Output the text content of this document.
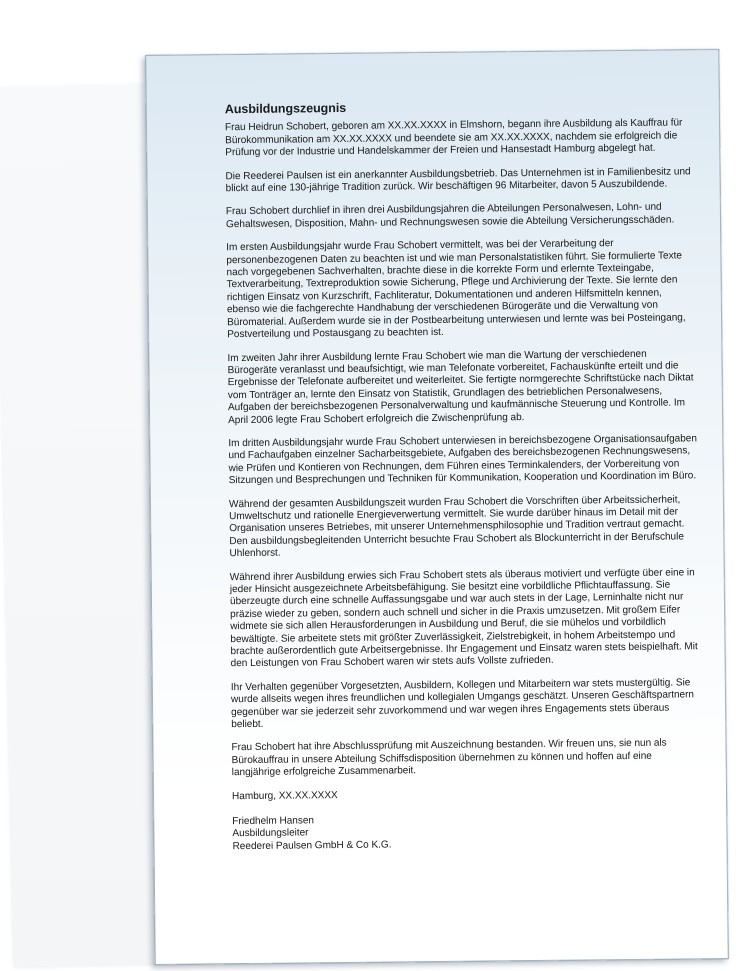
Ausbildungszeugnis

Frau Heidrun Schobert, geboren am XX.XX.XXXX in Elmshorn, begann ihre Ausbildung als Kauffrau für Bürokommunikation am XX.XX.XXXX und beendete sie am XX.XX.XXXX, nachdem sie erfolgreich die Prüfung vor der Industrie und Handelskammer der Freien und Hansestadt Hamburg abgelegt hat.

Die Reederei Paulsen ist ein anerkannter Ausbildungsbetrieb. Das Unternehmen ist in Familienbesitz und blickt auf eine 130-jährige Tradition zurück. Wir beschäftigen 96 Mitarbeiter, davon 5 Auszubildende.

Frau Schobert durchlief in ihren drei Ausbildungsjahren die Abteilungen Personalwesen, Lohn- und Gehaltswesen, Disposition, Mahn- und Rechnungswesen sowie die Abteilung Versicherungsschäden.

Im ersten Ausbildungsjahr wurde Frau Schobert vermittelt, was bei der Verarbeitung der personenbezogenen Daten zu beachten ist und wie man Personalstatistiken führt. Sie formulierte Texte nach vorgegebenen Sachverhalten, brachte diese in die korrekte Form und erlernte Texteingabe, Textverarbeitung, Textreproduktion sowie Sicherung, Pflege und Archivierung der Texte. Sie lernte den richtigen Einsatz von Kurzschrift, Fachliteratur, Dokumentationen und anderen Hilfsmitteln kennen, ebenso wie die fachgerechte Handhabung der verschiedenen Bürogeräte und die Verwaltung von Büromaterial. Außerdem wurde sie in der Postbearbeitung unterwiesen und lernte was bei Posteingang, Postverteilung und Postausgang zu beachten ist.

Im zweiten Jahr ihrer Ausbildung lernte Frau Schobert wie man die Wartung der verschiedenen Bürogeräte veranlasst und beaufsichtigt, wie man Telefonate vorbereitet, Fachauskünfte erteilt und die Ergebnisse der Telefonate aufbereitet und weiterleitet. Sie fertigte normgerechte Schriftstücke nach Diktat vom Tonträger an, lernte den Einsatz von Statistik, Grundlagen des betrieblichen Personalwesens, Aufgaben der bereichsbezogenen Personalverwaltung und kaufmännische Steuerung und Kontrolle. Im April 2006 legte Frau Schobert erfolgreich die Zwischenprüfung ab.

Im dritten Ausbildungsjahr wurde Frau Schobert unterwiesen in bereichsbezogene Organisationsaufgaben und Fachaufgaben einzelner Sacharbeitsgebiete, Aufgaben des bereichsbezogenen Rechnungswesens, wie Prüfen und Kontieren von Rechnungen, dem Führen eines Terminkalenders, der Vorbereitung von Sitzungen und Besprechungen und Techniken für Kommunikation, Kooperation und Koordination im Büro.

Während der gesamten Ausbildungszeit wurden Frau Schobert die Vorschriften über Arbeitssicherheit, Umweltschutz und rationelle Energieverwertung vermittelt. Sie wurde darüber hinaus im Detail mit der Organisation unseres Betriebes, mit unserer Unternehmensphilosophie und Tradition vertraut gemacht. Den ausbildungsbegleitenden Unterricht besuchte Frau Schobert als Blockunterricht in der Berufschule Uhlenhorst.

Während ihrer Ausbildung erwies sich Frau Schobert stets als überaus motiviert und verfügte über eine in jeder Hinsicht ausgezeichnete Arbeitsbefähigung. Sie besitzt eine vorbildliche Pflichtauffassung. Sie überzeugte durch eine schnelle Auffassungsgabe und war auch stets in der Lage, Lerninhalte nicht nur präzise wieder zu geben, sondern auch schnell und sicher in die Praxis umzusetzen. Mit großem Eifer widmete sie sich allen Herausforderungen in Ausbildung und Beruf, die sie mühelos und vorbildlich bewältigte. Sie arbeitete stets mit größter Zuverlässigkeit, Zielstrebigkeit, in hohem Arbeitstempo und brachte außerordentlich gute Arbeitsergebnisse. Ihr Engagement und Einsatz waren stets beispielhaft. Mit den Leistungen von Frau Schobert waren wir stets aufs Vollste zufrieden.

Ihr Verhalten gegenüber Vorgesetzten, Ausbildern, Kollegen und Mitarbeitern war stets mustergültig. Sie wurde allseits wegen ihres freundlichen und kollegialen Umgangs geschätzt. Unseren Geschäftspartnern gegenüber war sie jederzeit sehr zuvorkommend und war wegen ihres Engagements stets überaus beliebt.

Frau Schobert hat ihre Abschlussprüfung mit Auszeichnung bestanden. Wir freuen uns, sie nun als Bürokauffrau in unsere Abteilung Schiffsdisposition übernehmen zu können und hoffen auf eine langjährige erfolgreiche Zusammenarbeit.

Hamburg, XX.XX.XXXX
Friedhelm Hansen
Ausbildungsleiter
Reederei Paulsen GmbH & Co K.G.
